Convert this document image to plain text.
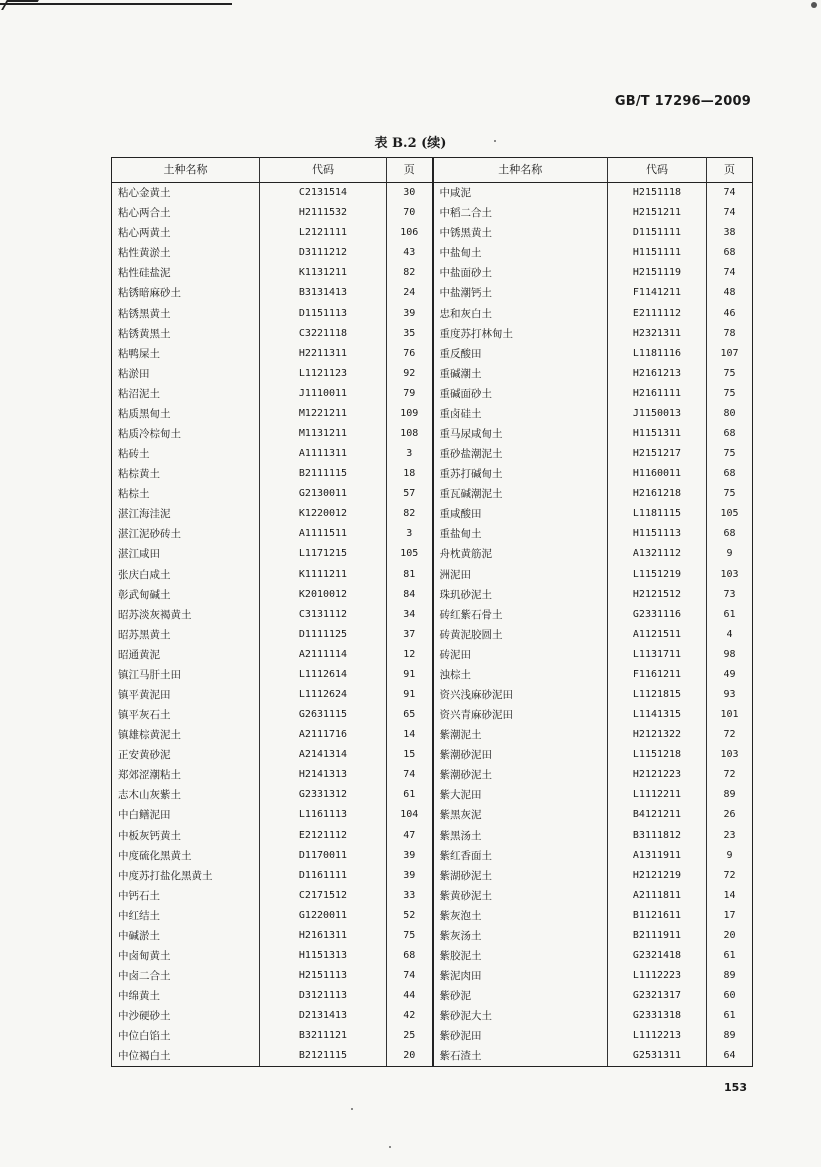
GB/T 17296—2009
表 B.2 (续)
土种名称	代码	页	土种名称	代码	页
粘心金黄土	C2131514	30	中咸泥	H2151118	74
粘心两合土	H2111532	70	中稻二合土	H2151211	74
粘心两黄土	L2121111	106	中锈黑黄土	D1151111	38
粘性黄淤土	D3111212	43	中盐甸土	H1151111	68
粘性硅盐泥	K1131211	82	中盐面砂土	H2151119	74
粘锈暗麻砂土	B3131413	24	中盐潮钙土	F1141211	48
粘锈黑黄土	D1151113	39	忠和灰白土	E2111112	46
粘锈黄黑土	C3221118	35	重度苏打林甸土	H2321311	78
粘鸭屎土	H2211311	76	重反酸田	L1181116	107
粘淤田	L1121123	92	重碱潮土	H2161213	75
粘沼泥土	J1110011	79	重碱面砂土	H2161111	75
粘质黑甸土	M1221211	109	重卤硅土	J1150013	80
粘质冷棕甸土	M1131211	108	重马尿咸甸土	H1151311	68
粘砖土	A1111311	3	重砂盐潮泥土	H2151217	75
粘棕黄土	B2111115	18	重苏打碱甸土	H1160011	68
粘棕土	G2130011	57	重瓦碱潮泥土	H2161218	75
湛江海洼泥	K1220012	82	重咸酸田	L1181115	105
湛江泥砂砖土	A1111511	3	重盐甸土	H1151113	68
湛江咸田	L1171215	105	舟枕黄筋泥	A1321112	9
张庆白咸土	K1111211	81	洲泥田	L1151219	103
彰武甸碱土	K2010012	84	珠玑砂泥土	H2121512	73
昭苏淡灰褐黄土	C3131112	34	砖红紫石骨土	G2331116	61
昭苏黑黄土	D1111125	37	砖黄泥胶圆土	A1121511	4
昭通黄泥	A2111114	12	砖泥田	L1131711	98
镇江马肝土田	L1112614	91	浊棕土	F1161211	49
镇平黄泥田	L1112624	91	资兴浅麻砂泥田	L1121815	93
镇平灰石土	G2631115	65	资兴青麻砂泥田	L1141315	101
镇雄棕黄泥土	A2111716	14	紫潮泥土	H2121322	72
正安黄砂泥	A2141314	15	紫潮砂泥田	L1151218	103
郑郊涩潮粘土	H2141313	74	紫潮砂泥土	H2121223	72
志木山灰紫土	G2331312	61	紫大泥田	L1112211	89
中白鳝泥田	L1161113	104	紫黑灰泥	B4121211	26
中板灰钙黄土	E2121112	47	紫黑汤土	B3111812	23
中度硫化黑黄土	D1170011	39	紫红香面土	A1311911	9
中度苏打盐化黑黄土	D1161111	39	紫湖砂泥土	H2121219	72
中钙石土	C2171512	33	紫黄砂泥土	A2111811	14
中红结土	G1220011	52	紫灰泡土	B1121611	17
中碱淤土	H2161311	75	紫灰汤土	B2111911	20
中卤甸黄土	H1151313	68	紫胶泥土	G2321418	61
中卤二合土	H2151113	74	紫泥肉田	L1112223	89
中绵黄土	D3121113	44	紫砂泥	G2321317	60
中沙硬砂土	D2131413	42	紫砂泥大土	G2331318	61
中位白馅土	B3211121	25	紫砂泥田	L1112213	89
中位褐白土	B2121115	20	紫石渣土	G2531311	64
153
